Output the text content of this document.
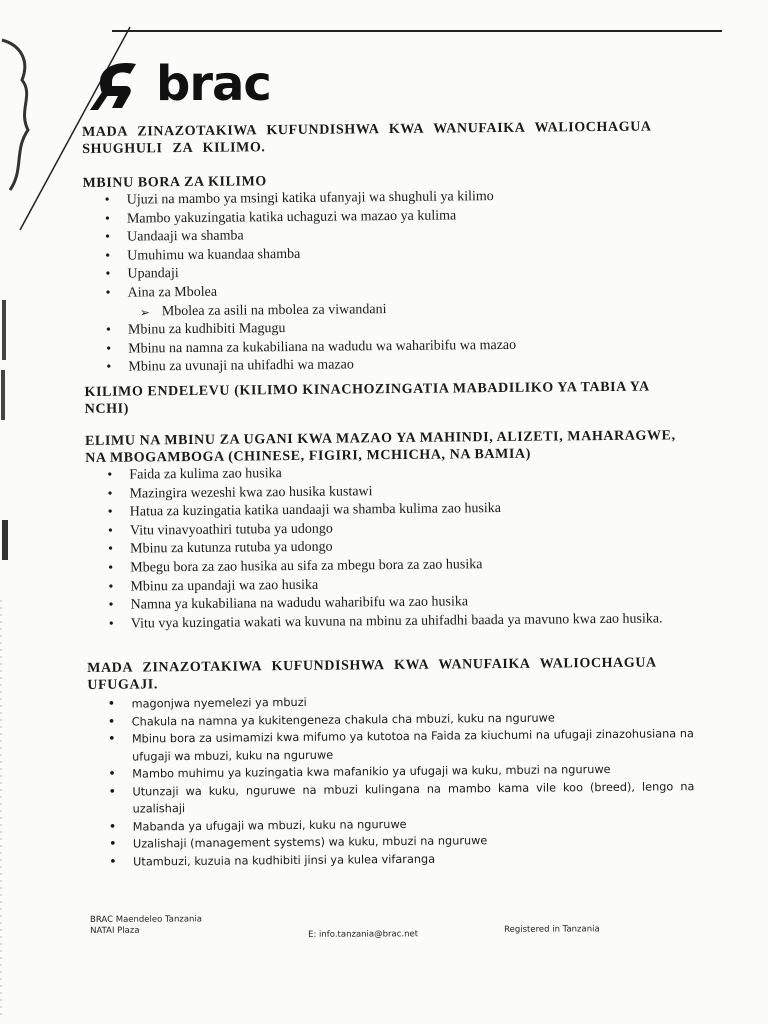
brac

MADA ZINAZOTAKIWA KUFUNDISHWA KWA WANUFAIKA WALIOCHAGUA SHUGHULI ZA KILIMO.

MBINU BORA ZA KILIMO

• Ujuzi na mambo ya msingi katika ufanyaji wa shughuli ya kilimo
• Mambo yakuzingatia katika uchaguzi wa mazao ya kulima
• Uandaaji wa shamba
• Umuhimu wa kuandaa shamba
• Upandaji
• Aina za Mbolea
➢ Mbolea za asili na mbolea za viwandani
• Mbinu za kudhibiti Magugu
• Mbinu na namna za kukabiliana na wadudu wa waharibifu wa mazao
• Mbinu za uvunaji na uhifadhi wa mazao

KILIMO ENDELEVU (KILIMO KINACHOZINGATIA MABADILIKO YA TABIA YA NCHI)

ELIMU NA MBINU ZA UGANI KWA MAZAO YA MAHINDI, ALIZETI, MAHARAGWE, NA MBOGAMBOGA (CHINESE, FIGIRI, MCHICHA, NA BAMIA)

• Faida za kulima zao husika
• Mazingira wezeshi kwa zao husika kustawi
• Hatua za kuzingatia katika uandaaji wa shamba kulima zao husika
• Vitu vinavyoathiri tutuba ya udongo
• Mbinu za kutunza rutuba ya udongo
• Mbegu bora za zao husika au sifa za mbegu bora za zao husika
• Mbinu za upandaji wa zao husika
• Namna ya kukabiliana na wadudu waharibifu wa zao husika
• Vitu vya kuzingatia wakati wa kuvuna na mbinu za uhifadhi baada ya mavuno kwa zao husika.

MADA ZINAZOTAKIWA KUFUNDISHWA KWA WANUFAIKA WALIOCHAGUA UFUGAJI.

• magonjwa nyemelezi ya mbuzi
• Chakula na namna ya kukitengeneza chakula cha mbuzi, kuku na nguruwe
• Mbinu bora za usimamizi kwa mifumo ya kutotoa na Faida za kiuchumi na ufugaji zinazohusiana na ufugaji wa mbuzi, kuku na nguruwe
• Mambo muhimu ya kuzingatia kwa mafanikio ya ufugaji wa kuku, mbuzi na nguruwe
• Utunzaji wa kuku, nguruwe na mbuzi kulingana na mambo kama vile koo (breed), lengo na uzalishaji
• Mabanda ya ufugaji wa mbuzi, kuku na nguruwe
• Uzalishaji (management systems) wa kuku, mbuzi na nguruwe
• Utambuzi, kuzuia na kudhibiti jinsi ya kulea vifaranga
BRAC Maendeleo Tanzania
NATAI Plaza	E: info.tanzania@brac.net	Registered in Tanzania
